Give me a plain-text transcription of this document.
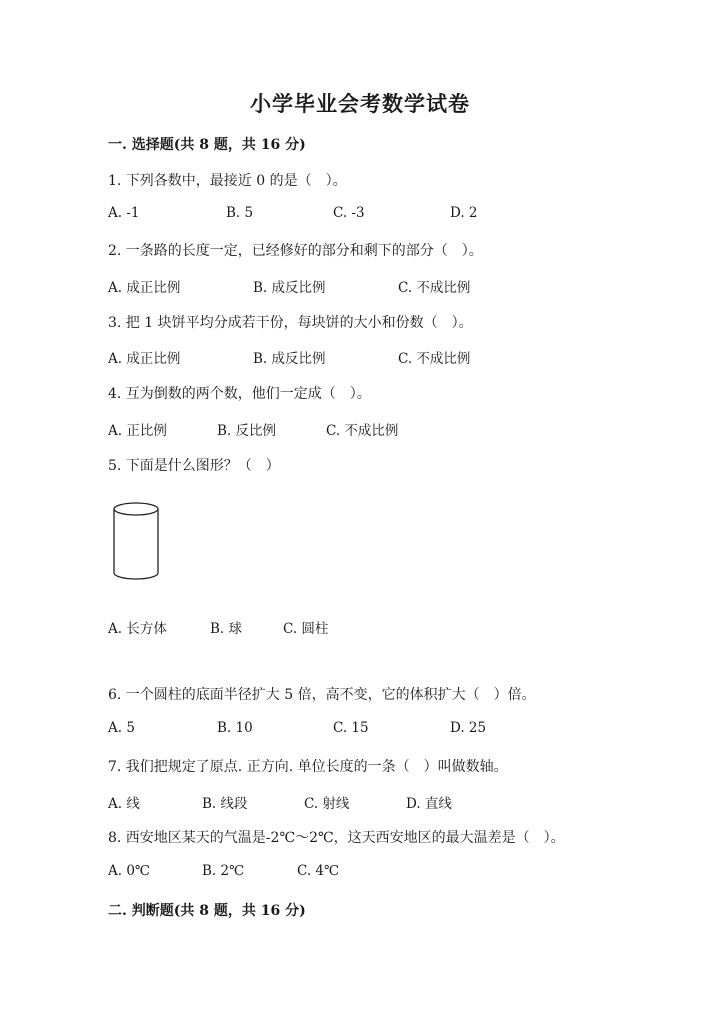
小学毕业会考数学试卷
一. 选择题(共 8 题，共 16 分)
1. 下列各数中，最接近 0 的是（　）。
A. -1	B. 5	C. -3	D. 2
2. 一条路的长度一定，已经修好的部分和剩下的部分（　）。
A. 成正比例	B. 成反比例	C. 不成比例
3. 把 1 块饼平均分成若干份，每块饼的大小和份数（　）。
A. 成正比例	B. 成反比例	C. 不成比例
4. 互为倒数的两个数，他们一定成（　）。
A. 正比例	B. 反比例	C. 不成比例
5. 下面是什么图形？（　）
A. 长方体	B. 球	C. 圆柱
6. 一个圆柱的底面半径扩大 5 倍，高不变，它的体积扩大（　）倍。
A. 5	B. 10	C. 15	D. 25
7. 我们把规定了原点. 正方向. 单位长度的一条（　）叫做数轴。
A. 线	B. 线段	C. 射线	D. 直线
8. 西安地区某天的气温是-2℃～2℃，这天西安地区的最大温差是（　）。
A. 0℃	B. 2℃	C. 4℃
二. 判断题(共 8 题，共 16 分)
